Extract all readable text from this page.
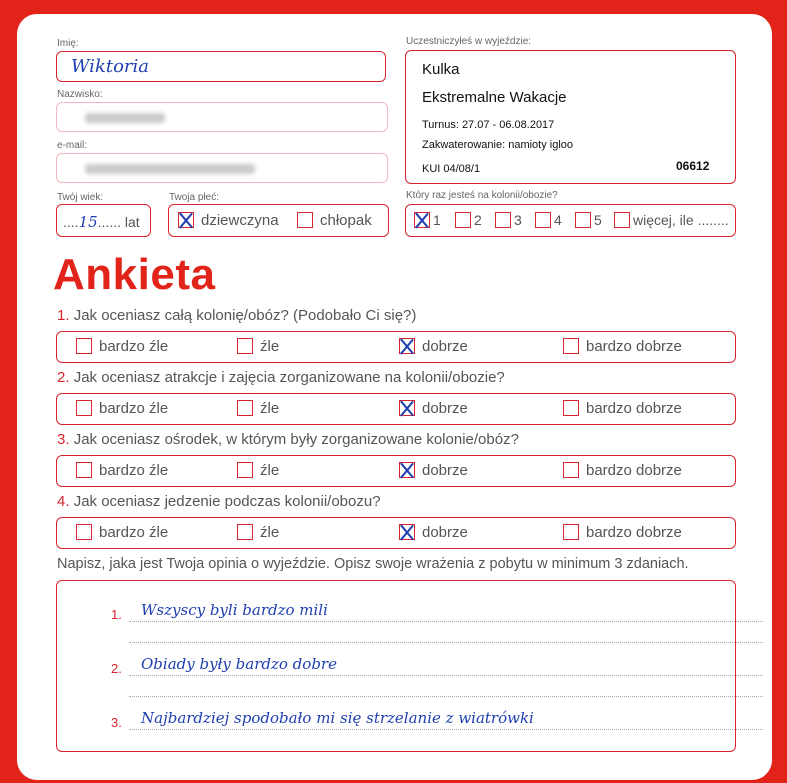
Imię:
Wiktoria
Nazwisko:
e-mail:
Twój wiek:
....15...... lat
Twoja płeć:
dziewczyna	chłopak
Uczestniczyłeś w wyjeździe:
Kulka
Ekstremalne Wakacje
Turnus: 27.07 - 06.08.2017
Zakwaterowanie: namioty igloo
KUI 04/08/1	06612
Który raz jesteś na kolonii/obozie?
1	2	3	4	5	więcej, ile ........
Ankieta
1. Jak oceniasz całą kolonię/obóz? (Podobało Ci się?)
bardzo źle	źle	dobrze	bardzo dobrze
2. Jak oceniasz atrakcje i zajęcia zorganizowane na kolonii/obozie?
bardzo źle	źle	dobrze	bardzo dobrze
3. Jak oceniasz ośrodek, w którym były zorganizowane kolonie/obóz?
bardzo źle	źle	dobrze	bardzo dobrze
4. Jak oceniasz jedzenie podczas kolonii/obozu?
bardzo źle	źle	dobrze	bardzo dobrze
Napisz, jaka jest Twoja opinia o wyjeździe. Opisz swoje wrażenia z pobytu w minimum 3 zdaniach.
1. Wszyscy byli bardzo mili
2. Obiady były bardzo dobre
3. Najbardziej spodobało mi się strzelanie z wiatrówki
